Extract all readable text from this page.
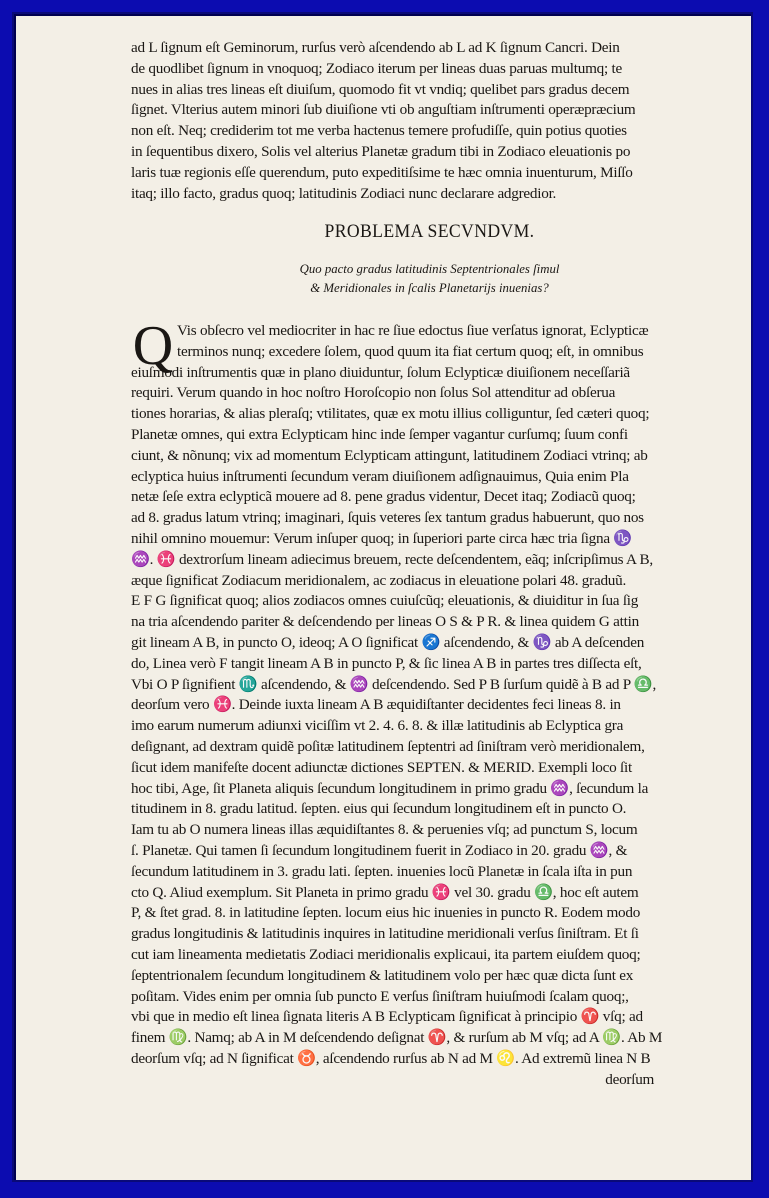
ad L ſignum eſt Geminorum, rurſus verò aſcendendo ab L ad K ſignum Cancri. Dein
de quodlibet ſignum in vnoquoq; Zodiaco iterum per lineas duas paruas multumq; te
nues in alias tres lineas eſt diuiſum, quomodo fit vt vndiq; quelibet pars gradus decem
ſignet. Vlterius autem minori ſub diuiſione vti ob anguſtiam inſtrumenti operæpræcium
non eſt. Neq; crediderim tot me verba hactenus temere profudiſſe, quin potius quoties
in ſequentibus dixero, Solis vel alterius Planetæ gradum tibi in Zodiaco eleuationis po
laris tuæ regionis eſſe querendum, puto expeditiſsime te hæc omnia inuenturum, Miſſo
itaq; illo facto, gradus quoq; latitudinis Zodiaci nunc declarare adgredior.
PROBLEMA SECVNDVM.
Quo pacto gradus latitudinis Septentrionales ſimul
& Meridionales in ſcalis Planetarijs inuenias?
Q Vis obſecro vel mediocriter in hac re ſiue edoctus ſiue verſatus ignorat, Eclypticæ
terminos nunq; excedere ſolem, quod quum ita fiat certum quoq; eſt, in omnibus
eiuſmodi inſtrumentis quæ in plano diuiduntur, ſolum Eclypticæ diuiſionem neceſſariã
requiri. Verum quando in hoc noſtro Horoſcopio non ſolus Sol attenditur ad obſerua
tiones horarias, & alias pleraſq; vtilitates, quæ ex motu illius colliguntur, ſed cæteri quoq;
Planetæ omnes, qui extra Eclypticam hinc inde ſemper vagantur curſumq; ſuum confi
ciunt, & nõnunq; vix ad momentum Eclypticam attingunt, latitudinem Zodiaci vtrinq; ab
eclyptica huius inſtrumenti ſecundum veram diuiſionem adſignauimus, Quia enim Pla
netæ ſeſe extra eclypticã mouere ad 8. pene gradus videntur, Decet itaq; Zodiacũ quoq;
ad 8. gradus latum vtrinq; imaginari, ſquis veteres ſex tantum gradus habuerunt, quo nos
nihil omnino mouemur: Verum inſuper quoq; in ſuperiori parte circa hæc tria ſigna ♑
♒. ♓ dextrorſum lineam adiecimus breuem, recte deſcendentem, eãq; inſcripſimus A B,
æque ſignificat Zodiacum meridionalem, ac zodiacus in eleuatione polari 48. graduũ.
E F G ſignificat quoq; alios zodiacos omnes cuiuſcũq; eleuationis, & diuiditur in ſua ſig
na tria aſcendendo pariter & deſcendendo per lineas O S & P R. & linea quidem G attin
git lineam A B, in puncto O, ideoq; A O ſignificat ♐ aſcendendo, & ♑ ab A deſcenden
do, Linea verò F tangit lineam A B in puncto P, & ſic linea A B in partes tres diſſecta eſt,
Vbi O P ſignifient ♏ aſcendendo, & ♒ deſcendendo. Sed P B ſurſum quidẽ à B ad P ♎,
deorſum vero ♓. Deinde iuxta lineam A B æquidiſtanter decidentes feci lineas 8. in
imo earum numerum adiunxi viciſſim vt 2. 4. 6. 8. & illæ latitudinis ab Eclyptica gra
deſignant, ad dextram quidẽ poſitæ latitudinem ſeptentri ad ſiniſtram verò meridionalem,
ſicut idem manifeſte docent adiunctæ dictiones SEPTEN. & MERID. Exempli loco ſit
hoc tibi, Age, ſit Planeta aliquis ſecundum longitudinem in primo gradu ♒, ſecundum la
titudinem in 8. gradu latitud. ſepten. eius qui ſecundum longitudinem eſt in puncto O.
Iam tu ab O numera lineas illas æquidiſtantes 8. & peruenies vſq; ad punctum S, locum
ſ. Planetæ. Qui tamen ſi ſecundum longitudinem fuerit in Zodiaco in 20. gradu ♒, &
ſecundum latitudinem in 3. gradu lati. ſepten. inuenies locũ Planetæ in ſcala iſta in pun
cto Q. Aliud exemplum. Sit Planeta in primo gradu ♓ vel 30. gradu ♎, hoc eſt autem
P, & ſtet grad. 8. in latitudine ſepten. locum eius hic inuenies in puncto R. Eodem modo
gradus longitudinis & latitudinis inquires in latitudine meridionali verſus ſiniſtram. Et ſi
cut iam lineamenta medietatis Zodiaci meridionalis explicaui, ita partem eiuſdem quoq;
ſeptentrionalem ſecundum longitudinem & latitudinem volo per hæc quæ dicta ſunt ex
poſitam. Vides enim per omnia ſub puncto E verſus ſiniſtram huiuſmodi ſcalam quoq;,
vbi que in medio eſt linea ſignata literis A B Eclypticam ſignificat à principio ♈ vſq; ad
finem ♍. Namq; ab A in M deſcendendo deſignat ♈, & rurſum ab M vſq; ad A ♍. Ab M
deorſum vſq; ad N ſignificat ♉, aſcendendo rurſus ab N ad M ♌. Ad extremũ linea N B
deorſum
